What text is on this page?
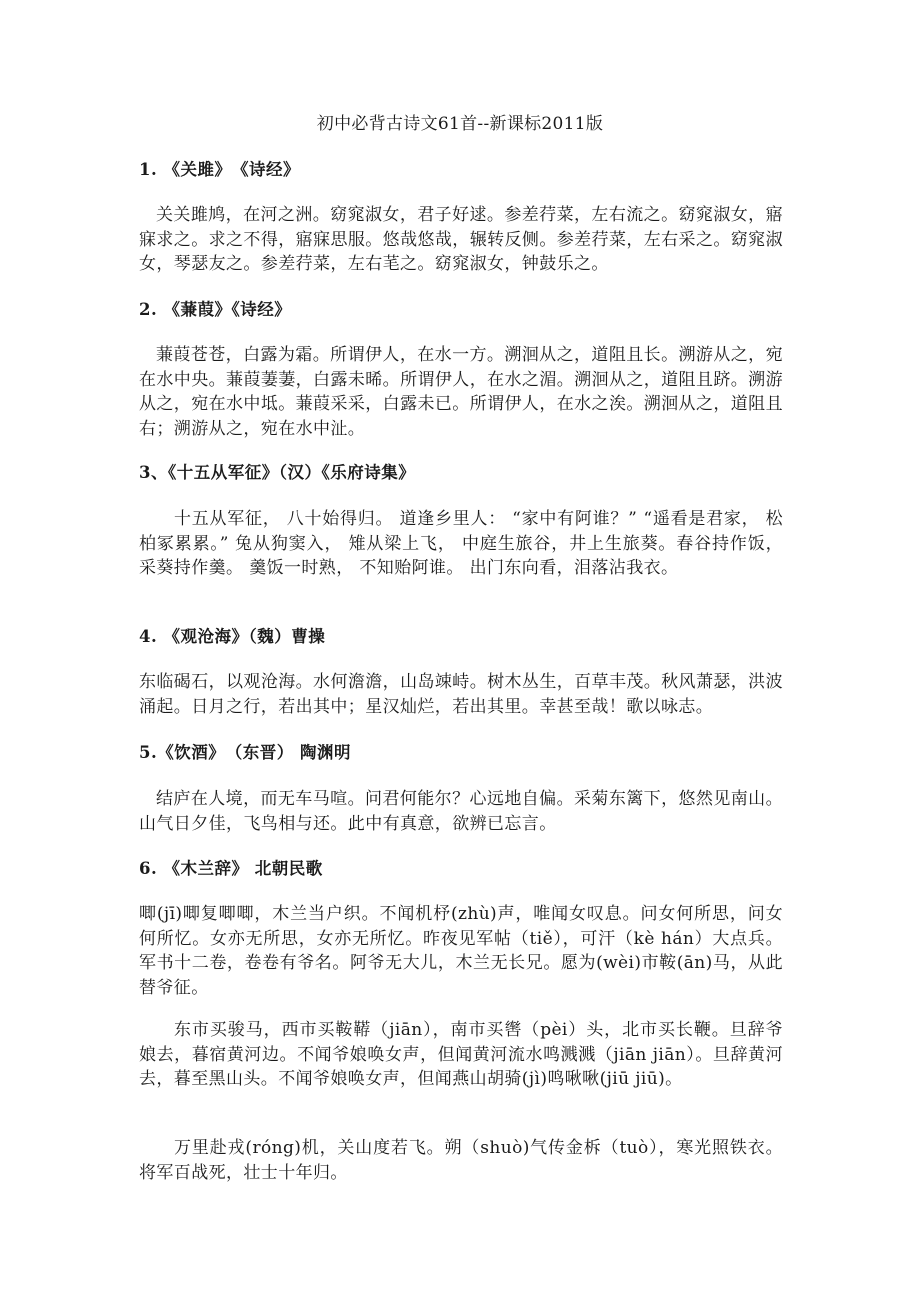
初中必背古诗文61首--新课标2011版
1. 《关雎》　《诗经》
关关雎鸠，在河之洲。窈窕淑女，君子好逑。参差荇菜，左右流之。窈窕淑女，寤寐求之。求之不得，寤寐思服。悠哉悠哉，辗转反侧。参差荇菜，左右采之。窈窕淑女，琴瑟友之。参差荇菜，左右芼之。窈窕淑女，钟鼓乐之。
2. 《蒹葭》《诗经》
蒹葭苍苍，白露为霜。所谓伊人，在水一方。溯洄从之，道阻且长。溯游从之，宛在水中央。蒹葭萋萋，白露未晞。所谓伊人，在水之湄。溯洄从之，道阻且跻。溯游从之，宛在水中坻。蒹葭采采，白露未已。所谓伊人，在水之涘。溯洄从之，道阻且右；溯游从之，宛在水中沚。
3、《十五从军征》（汉）《乐府诗集》
十五从军征， 八十始得归。 道逢乡里人： “家中有阿谁？” “遥看是君家， 松柏冢累累。” 兔从狗窦入， 雉从梁上飞， 中庭生旅谷，井上生旅葵。春谷持作饭， 采葵持作羹。 羹饭一时熟， 不知贻阿谁。 出门东向看，泪落沾我衣。
4. 《观沧海》（魏）曹操
东临碣石，以观沧海。水何澹澹，山岛竦峙。树木丛生，百草丰茂。秋风萧瑟，洪波涌起。日月之行，若出其中；星汉灿烂，若出其里。幸甚至哉！歌以咏志。
5.《饮酒》　（东晋） 陶渊明
结庐在人境，而无车马喧。问君何能尔？心远地自偏。采菊东篱下，悠然见南山。山气日夕佳，飞鸟相与还。此中有真意，欲辨已忘言。
6. 《木兰辞》 北朝民歌
唧(jī)唧复唧唧，木兰当户织。不闻机杼(zhù)声，唯闻女叹息。问女何所思，问女何所忆。女亦无所思，女亦无所忆。昨夜见军帖（tiě），可汗（kè hán）大点兵。军书十二卷，卷卷有爷名。阿爷无大儿，木兰无长兄。愿为(wèi)市鞍(ān)马，从此替爷征。
东市买骏马，西市买鞍鞯（jiān），南市买辔（pèi）头，北市买长鞭。旦辞爷娘去，暮宿黄河边。不闻爷娘唤女声，但闻黄河流水鸣溅溅（jiān jiān）。旦辞黄河去，暮至黑山头。不闻爷娘唤女声，但闻燕山胡骑(jì)鸣啾啾(jiū jiū)。
万里赴戎(róng)机，关山度若飞。朔（shuò)气传金柝（tuò），寒光照铁衣。将军百战死，壮士十年归。
